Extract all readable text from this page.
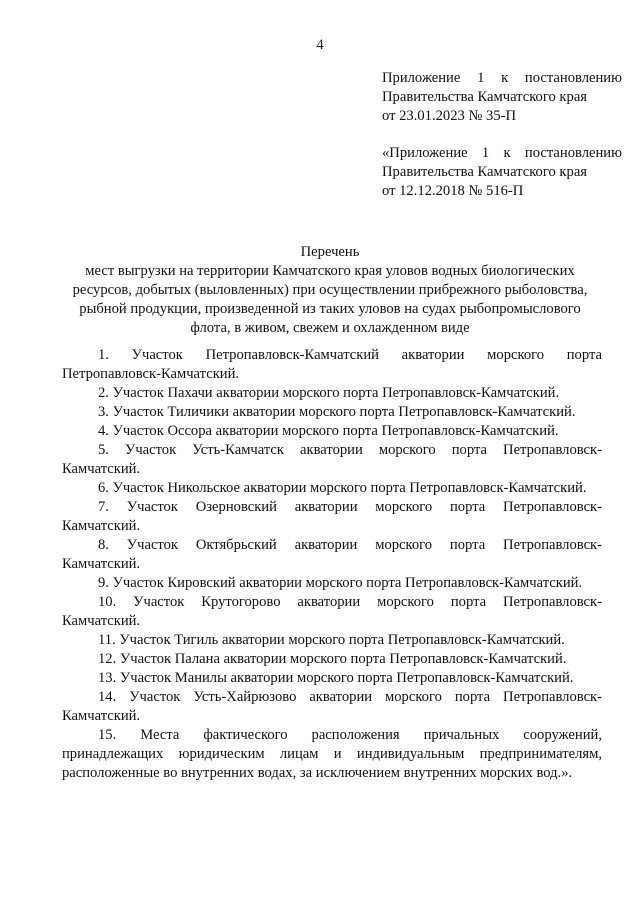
4
Приложение 1 к постановлению
Правительства Камчатского края
от 23.01.2023 № 35-П
«Приложение 1 к постановлению
Правительства Камчатского края
от 12.12.2018 № 516-П
Перечень
мест выгрузки на территории Камчатского края уловов водных биологических
ресурсов, добытых (выловленных) при осуществлении прибрежного рыболовства,
рыбной продукции, произведенной из таких уловов на судах рыбопромыслового
флота, в живом, свежем и охлажденном виде

1. Участок Петропавловск-Камчатский акватории морского порта
Петропавловск-Камчатский.

2. Участок Пахачи акватории морского порта Петропавловск-Камчатский.

3. Участок Тиличики акватории морского порта Петропавловск-Камчатский.

4. Участок Оссора акватории морского порта Петропавловск-Камчатский.

5. Участок Усть-Камчатск акватории морского порта Петропавловск-
Камчатский.

6. Участок Никольское акватории морского порта Петропавловск-Камчатский.

7. Участок Озерновский акватории морского порта Петропавловск-
Камчатский.

8. Участок Октябрьский акватории морского порта Петропавловск-
Камчатский.

9. Участок Кировский акватории морского порта Петропавловск-Камчатский.

10. Участок Крутогорово акватории морского порта Петропавловск-
Камчатский.

11. Участок Тигиль акватории морского порта Петропавловск-Камчатский.

12. Участок Палана акватории морского порта Петропавловск-Камчатский.

13. Участок Манилы акватории морского порта Петропавловск-Камчатский.

14. Участок Усть-Хайрюзово акватории морского порта Петропавловск-
Камчатский.

15. Места фактического расположения причальных сооружений,
принадлежащих юридическим лицам и индивидуальным предпринимателям,
расположенные во внутренних водах, за исключением внутренних морских вод.».
